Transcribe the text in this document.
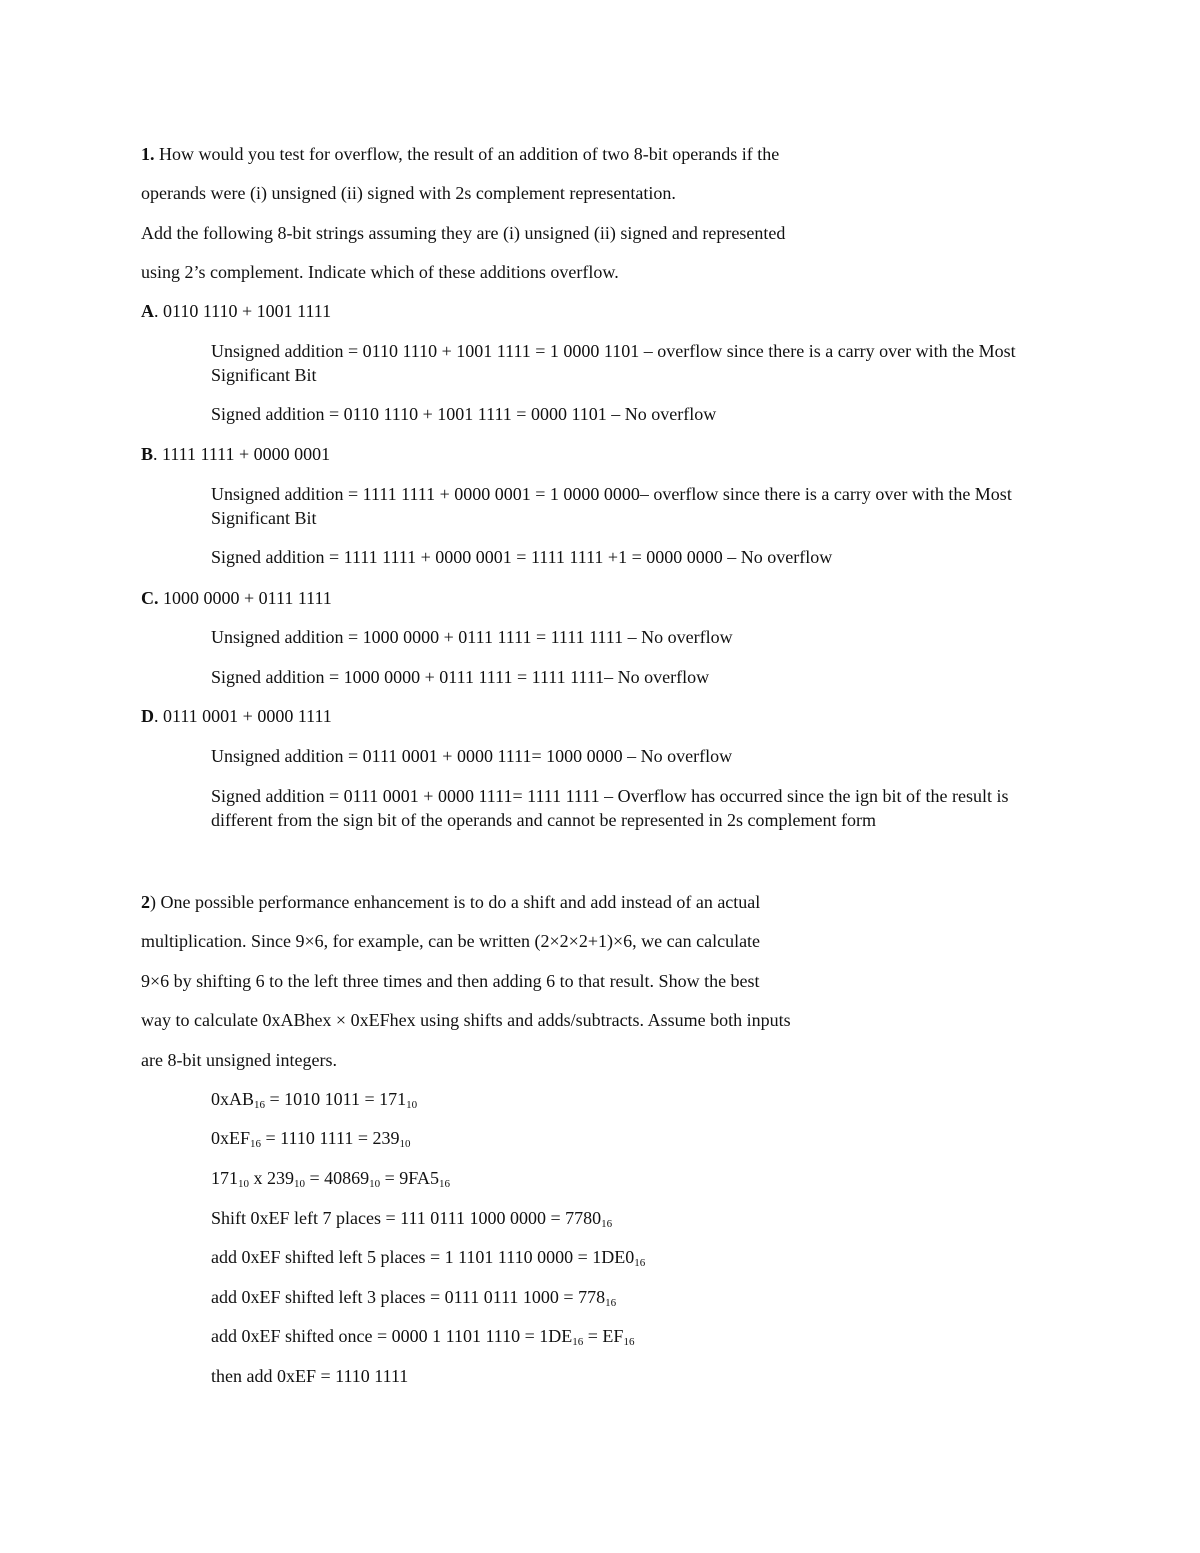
1. How would you test for overflow, the result of an addition of two 8-bit operands if the
operands were (i) unsigned (ii) signed with 2s complement representation.
Add the following 8-bit strings assuming they are (i) unsigned (ii) signed and represented
using 2’s complement. Indicate which of these additions overflow.
A. 0110 1110 + 1001 1111
Unsigned addition = 0110 1110 + 1001 1111 = 1 0000 1101 – overflow since there is a carry over with the Most Significant Bit
Signed addition = 0110 1110 + 1001 1111 = 0000 1101 – No overflow
B. 1111 1111 + 0000 0001
Unsigned addition = 1111 1111 + 0000 0001 = 1 0000 0000– overflow since there is a carry over with the Most Significant Bit
Signed addition = 1111 1111 + 0000 0001 = 1111 1111 +1 = 0000 0000 – No overflow
C. 1000 0000 + 0111 1111
Unsigned addition = 1000 0000 + 0111 1111 = 1111 1111 – No overflow
Signed addition = 1000 0000 + 0111 1111 = 1111 1111– No overflow
D. 0111 0001 + 0000 1111
Unsigned addition = 0111 0001 + 0000 1111= 1000 0000 – No overflow
Signed addition = 0111 0001 + 0000 1111= 1111 1111 – Overflow has occurred since the ign bit of the result is different from the sign bit of the operands and cannot be represented in 2s complement form
2) One possible performance enhancement is to do a shift and add instead of an actual
multiplication. Since 9×6, for example, can be written (2×2×2+1)×6, we can calculate
9×6 by shifting 6 to the left three times and then adding 6 to that result. Show the best
way to calculate 0xABhex × 0xEFhex using shifts and adds/subtracts. Assume both inputs
are 8-bit unsigned integers.
0xAB$_{16}$ = 1010 $1011 = 171_{10}$
0xEF$_{16}$ = 1110 $1111 = 239_{10}$
$171_{10}$ x $239_{10} = 40869_{10} = 9FA5_{16}$
Shift 0xEF left 7 places = 111 0111 1000 $0000 = 7780_{16}$
add 0xEF shifted left 5 places = 1 1101 1110 $0000 = 1DE0_{16}$
add 0xEF shifted left 3 places = 0111 0111 $1000 = 778_{16}$
add 0xEF shifted once = 0000 1 1101 $1110 = 1DE_{16} = EF_{16}$
then add 0xEF = 1110 1111
